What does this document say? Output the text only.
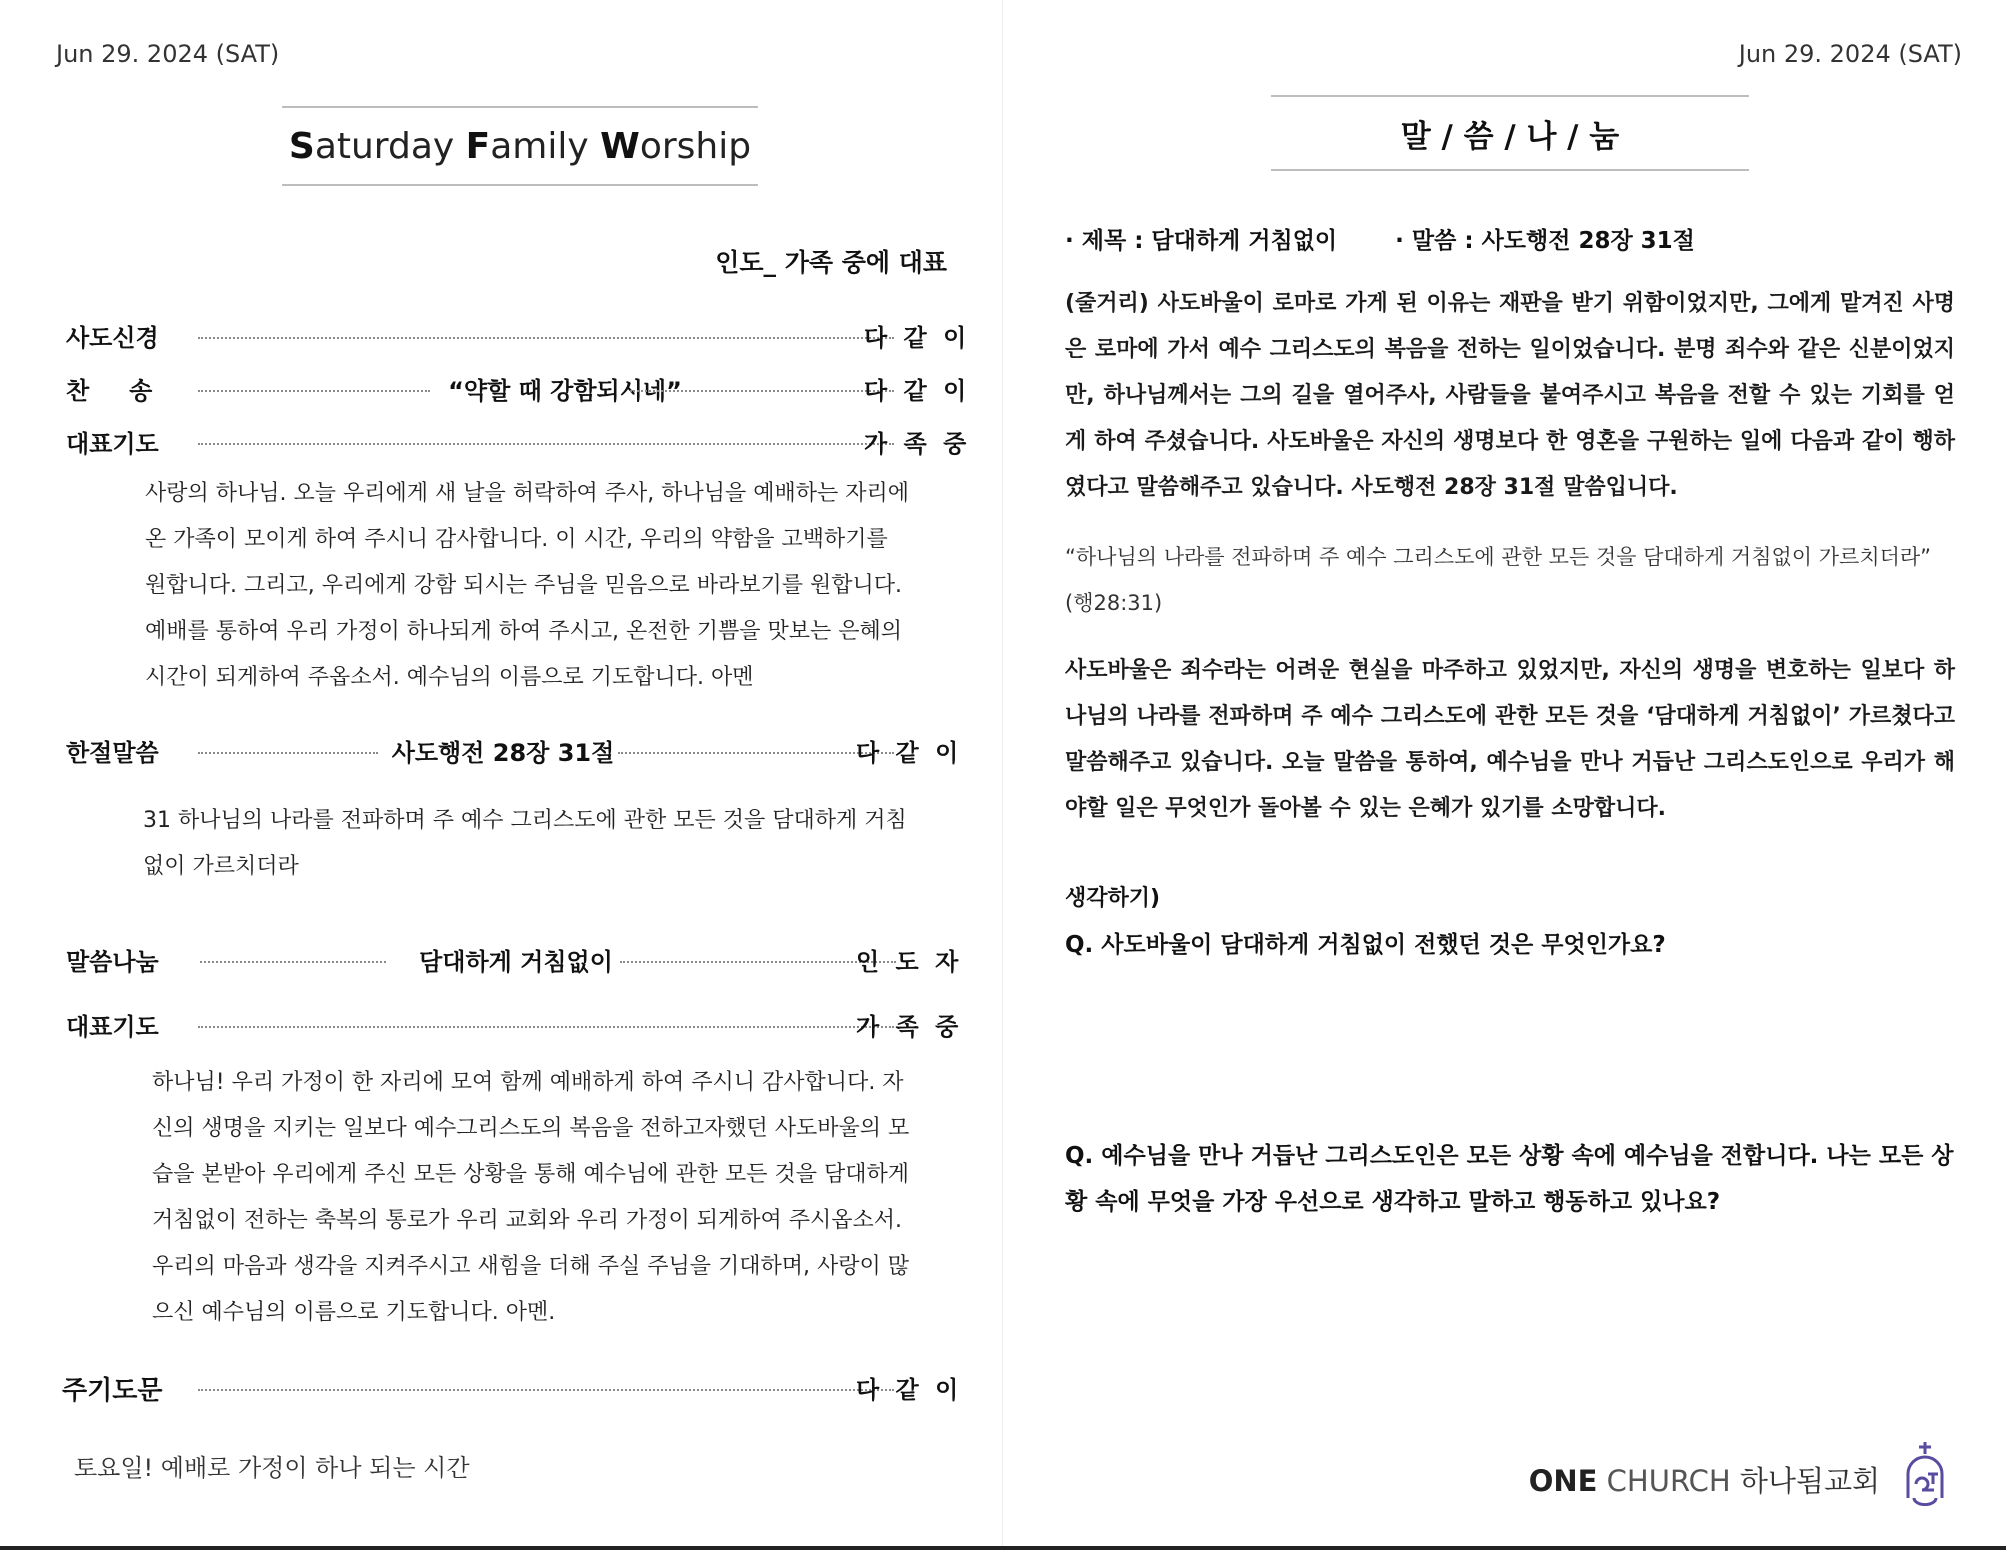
Jun 29. 2024 (SAT)
S aturday F amily W orship
인도_ 가족 중에 대표
사도신경	다 같 이
찬　송	“약할 때 강함되시네”	다 같 이
대표기도	가 족 중
사랑의 하나님. 오늘 우리에게 새 날을 허락하여 주사, 하나님을 예배하는 자리에 온 가족이 모이게 하여 주시니 감사합니다. 이 시간, 우리의 약함을 고백하기를 원합니다. 그리고, 우리에게 강함 되시는 주님을 믿음으로 바라보기를 원합니다. 예배를 통하여 우리 가정이 하나되게 하여 주시고, 온전한 기쁨을 맛보는 은혜의 시간이 되게하여 주옵소서. 예수님의 이름으로 기도합니다. 아멘
한절말씀	사도행전 28장 31절	다 같 이
31 하나님의 나라를 전파하며 주 예수 그리스도에 관한 모든 것을 담대하게 거침없이 가르치더라
말씀나눔	담대하게 거침없이	인 도 자
대표기도	가 족 중
하나님! 우리 가정이 한 자리에 모여 함께 예배하게 하여 주시니 감사합니다. 자신의 생명을 지키는 일보다 예수그리스도의 복음을 전하고자했던 사도바울의 모습을 본받아 우리에게 주신 모든 상황을 통해 예수님에 관한 모든 것을 담대하게 거침없이 전하는 축복의 통로가 우리 교회와 우리 가정이 되게하여 주시옵소서. 우리의 마음과 생각을 지켜주시고 새힘을 더해 주실 주님을 기대하며, 사랑이 많으신 예수님의 이름으로 기도합니다. 아멘.
주기도문	다 같 이
토요일! 예배로 가정이 하나 되는 시간
Jun 29. 2024 (SAT)
말 / 씀 / 나 / 눔
· 제목 : 담대하게 거침없이	· 말씀 : 사도행전 28장 31절
(줄거리) 사도바울이 로마로 가게 된 이유는 재판을 받기 위함이었지만, 그에게 맡겨진 사명은 로마에 가서 예수 그리스도의 복음을 전하는 일이었습니다. 분명 죄수와 같은 신분이었지만, 하나님께서는 그의 길을 열어주사, 사람들을 붙여주시고 복음을 전할 수 있는 기회를 얻게 하여 주셨습니다. 사도바울은 자신의 생명보다 한 영혼을 구원하는 일에 다음과 같이 행하였다고 말씀해주고 있습니다. 사도행전 28장 31절 말씀입니다.
“하나님의 나라를 전파하며 주 예수 그리스도에 관한 모든 것을 담대하게 거침없이 가르치더라” (행28:31)
사도바울은 죄수라는 어려운 현실을 마주하고 있었지만, 자신의 생명을 변호하는 일보다 하나님의 나라를 전파하며 주 예수 그리스도에 관한 모든 것을 ‘담대하게 거침없이’ 가르쳤다고 말씀해주고 있습니다. 오늘 말씀을 통하여, 예수님을 만나 거듭난 그리스도인으로 우리가 해야할 일은 무엇인가 돌아볼 수 있는 은혜가 있기를 소망합니다.
생각하기)
Q. 사도바울이 담대하게 거침없이 전했던 것은 무엇인가요?
Q. 예수님을 만나 거듭난 그리스도인은 모든 상황 속에 예수님을 전합니다. 나는 모든 상황 속에 무엇을 가장 우선으로 생각하고 말하고 행동하고 있나요?
ONE CHURCH 하나됨교회
